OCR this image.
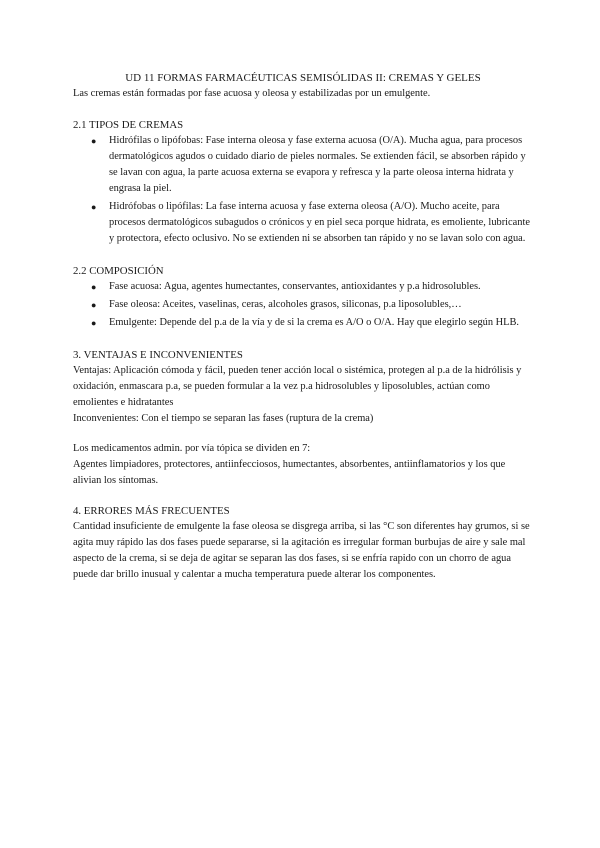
UD 11 FORMAS FARMACÉUTICAS SEMISÓLIDAS II: CREMAS Y GELES

Las cremas están formadas por fase acuosa y oleosa y estabilizadas por un emulgente.

2.1 TIPOS DE CREMAS
● Hidrófilas o lipófobas: Fase interna oleosa y fase externa acuosa (O/A). Mucha agua, para procesos dermatológicos agudos o cuidado diario de pieles normales. Se extienden fácil, se absorben rápido y se lavan con agua, la parte acuosa externa se evapora y refresca y la parte oleosa interna hidrata y engrasa la piel.
● Hidrófobas o lipófilas: La fase interna acuosa y fase externa oleosa (A/O). Mucho aceite, para procesos dermatológicos subagudos o crónicos y en piel seca porque hidrata, es emoliente, lubricante y protectora, efecto oclusivo. No se extienden ni se absorben tan rápido y no se lavan solo con agua.
2.2 COMPOSICIÓN
● Fase acuosa: Agua, agentes humectantes, conservantes, antioxidantes y p.a hidrosolubles.
● Fase oleosa: Aceites, vaselinas, ceras, alcoholes grasos, siliconas, p.a liposolubles,…
● Emulgente: Depende del p.a de la vía y de si la crema es A/O o O/A. Hay que elegirlo según HLB.
3. VENTAJAS E INCONVENIENTES

Ventajas: Aplicación cómoda y fácil, pueden tener acción local o sistémica, protegen al p.a de la hidrólisis y oxidación, enmascara p.a, se pueden formular a la vez p.a hidrosolubles y liposolubles, actúan como emolientes e hidratantes

Inconvenientes: Con el tiempo se separan las fases (ruptura de la crema)

Los medicamentos admin. por vía tópica se dividen en 7:

Agentes limpiadores, protectores, antiinfecciosos, humectantes, absorbentes, antiinflamatorios y los que alivian los síntomas.

4. ERRORES MÁS FRECUENTES

Cantidad insuficiente de emulgente la fase oleosa se disgrega arriba, si las °C son diferentes hay grumos, si se agita muy rápido las dos fases puede separarse, si la agitación es irregular forman burbujas de aire y sale mal aspecto de la crema, si se deja de agitar se separan las dos fases, si se enfría rapido con un chorro de agua puede dar brillo inusual y calentar a mucha temperatura puede alterar los componentes.
